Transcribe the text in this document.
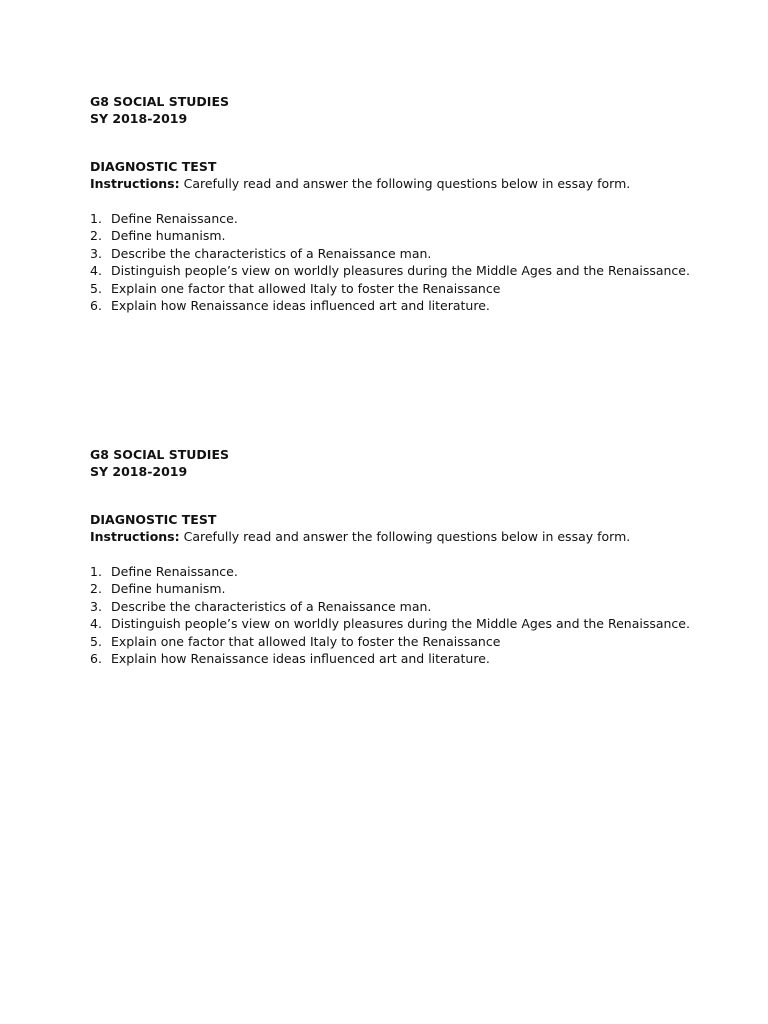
G8 SOCIAL STUDIES

SY 2018-2019

DIAGNOSTIC TEST

Instructions: Carefully read and answer the following questions below in essay form.

1. Define Renaissance.
2. Define humanism.
3. Describe the characteristics of a Renaissance man.
4. Distinguish people’s view on worldly pleasures during the Middle Ages and the Renaissance.
5. Explain one factor that allowed Italy to foster the Renaissance
6. Explain how Renaissance ideas influenced art and literature.

G8 SOCIAL STUDIES

SY 2018-2019

DIAGNOSTIC TEST

Instructions: Carefully read and answer the following questions below in essay form.

1. Define Renaissance.
2. Define humanism.
3. Describe the characteristics of a Renaissance man.
4. Distinguish people’s view on worldly pleasures during the Middle Ages and the Renaissance.
5. Explain one factor that allowed Italy to foster the Renaissance
6. Explain how Renaissance ideas influenced art and literature.
